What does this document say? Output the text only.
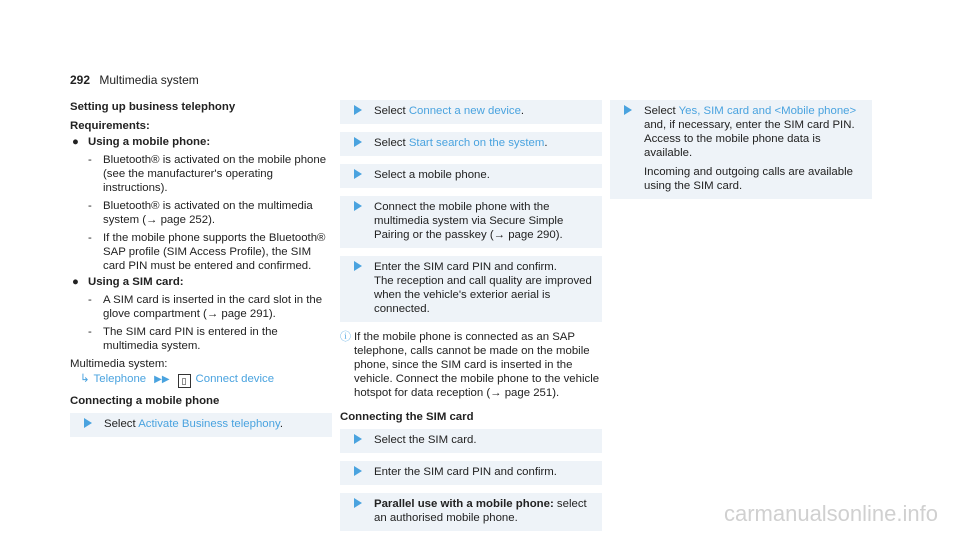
292 Multimedia system
Setting up business telephony
Requirements:
● Using a mobile phone:
- Bluetooth® is activated on the mobile phone (see the manufacturer's operating instructions).
- Bluetooth® is activated on the multimedia system (→ page 252).
- If the mobile phone supports the Bluetooth® SAP profile (SIM Access Profile), the SIM card PIN must be entered and confirmed.
● Using a SIM card:
- A SIM card is inserted in the card slot in the glove compartment (→ page 291).
- The SIM card PIN is entered in the multimedia system.
Multimedia system:
↳ Telephone ▶▶ ▯ Connect device
Connecting a mobile phone
Select Activate Business telephony.
Select Connect a new device.
Select Start search on the system.
Select a mobile phone.
Connect the mobile phone with the multimedia system via Secure Simple Pairing or the passkey (→ page 290).
Enter the SIM card PIN and confirm.
The reception and call quality are improved when the vehicle's exterior aerial is connected.
ⓘ If the mobile phone is connected as an SAP telephone, calls cannot be made on the mobile phone, since the SIM card is inserted in the vehicle. Connect the mobile phone to the vehicle hotspot for data reception (→ page 251).
Connecting the SIM card
Select the SIM card.
Enter the SIM card PIN and confirm.
Parallel use with a mobile phone: select an authorised mobile phone.
Select Yes, SIM card and <Mobile phone> and, if necessary, enter the SIM card PIN. Access to the mobile phone data is available.
Incoming and outgoing calls are available using the SIM card.
carmanualsonline.info
